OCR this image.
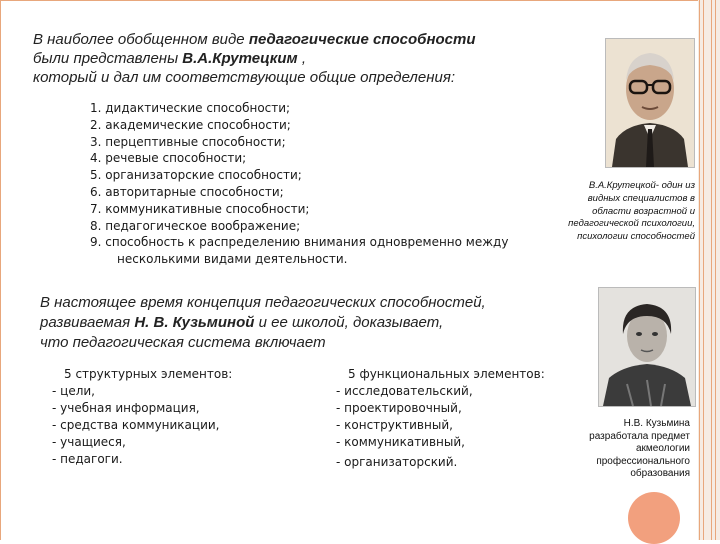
В наиболее обобщенном виде педагогические способности
были представлены В.А.Крутецким ,
который и дал им соответствующие общие определения:
1. дидактические способности;
2. академические способности;
3. перцептивные способности;
4. речевые способности;
5. организаторские способности;
6. авторитарные способности;
7. коммуникативные способности;
8. педагогическое воображение;
9. способность к распределению внимания одновременно между
несколькими видами деятельности.
В настоящее время концепция педагогических способностей,
развиваемая Н. В. Кузьминой и ее школой, доказывает,
что педагогическая система включает
5 структурных элементов:
- цели,
- учебная информация,
- средства коммуникации,
- учащиеся,
- педагоги.
5 функциональных элементов:
- исследовательский,
- проектировочный,
- конструктивный,
- коммуникативный,
- организаторский.
В.А.Крутецкой- один из видных специалистов в области возрастной и педагогической психологии, психологии способностей
Н.В. Кузьмина
разработала предмет акмеологии профессионального образования
